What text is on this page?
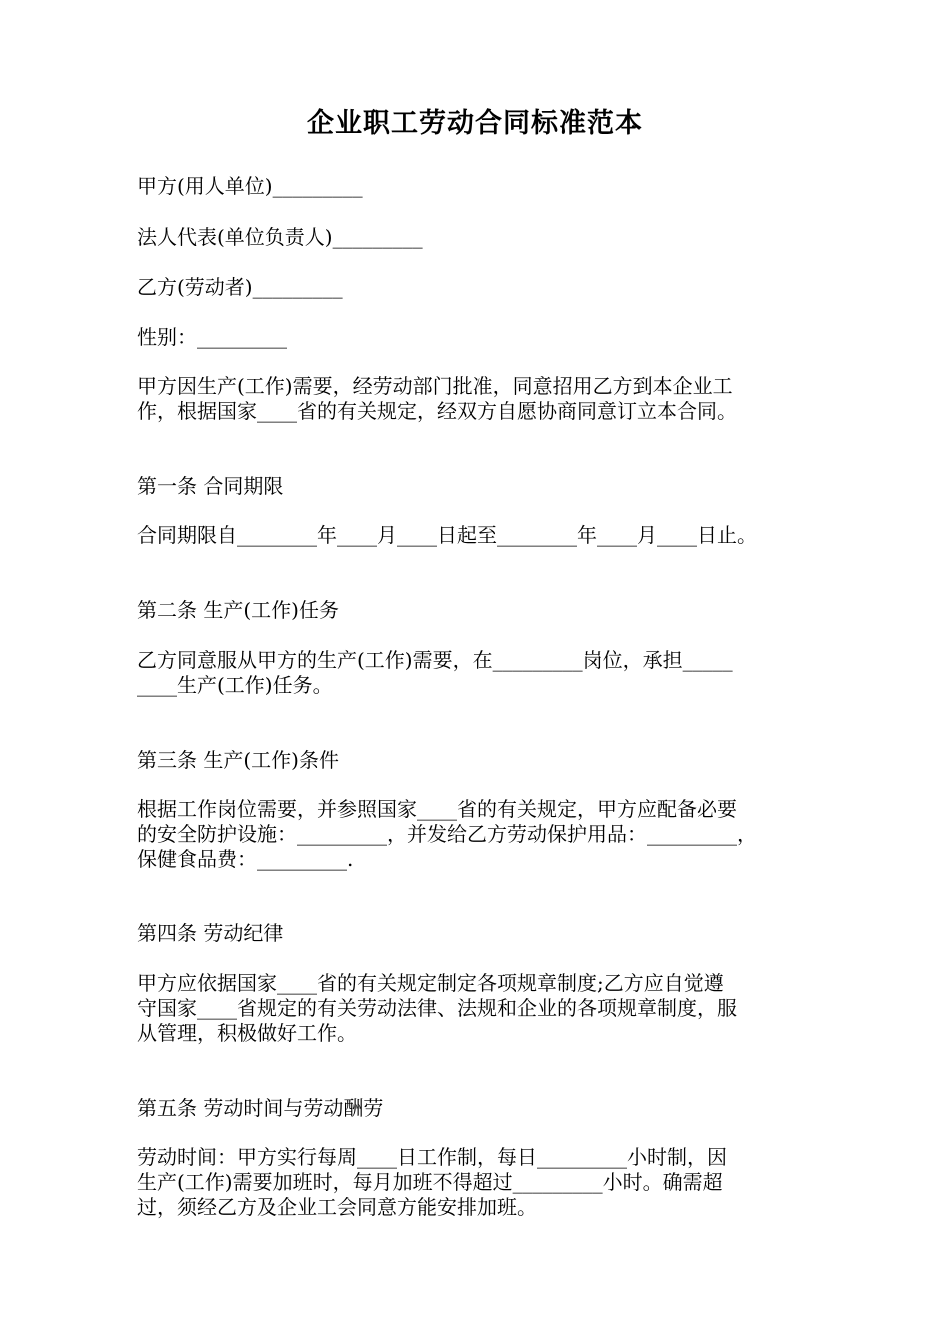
企业职工劳动合同标准范本
甲方(用人单位)_________
法人代表(单位负责人)_________
乙方(劳动者)_________
性别：_________
甲方因生产(工作)需要，经劳动部门批准，同意招用乙方到本企业工
作，根据国家____省的有关规定，经双方自愿协商同意订立本合同。
第一条 合同期限
合同期限自________年____月____日起至________年____月____日止。
第二条 生产(工作)任务
乙方同意服从甲方的生产(工作)需要，在_________岗位，承担_____
____生产(工作)任务。
第三条 生产(工作)条件
根据工作岗位需要，并参照国家____省的有关规定，甲方应配备必要
的安全防护设施：_________，并发给乙方劳动保护用品：_________，
保健食品费：_________.
第四条 劳动纪律
甲方应依据国家____省的有关规定制定各项规章制度;乙方应自觉遵
守国家____省规定的有关劳动法律、法规和企业的各项规章制度，服
从管理，积极做好工作。
第五条 劳动时间与劳动酬劳
劳动时间：甲方实行每周____日工作制，每日_________小时制，因
生产(工作)需要加班时，每月加班不得超过_________小时。确需超
过，须经乙方及企业工会同意方能安排加班。
